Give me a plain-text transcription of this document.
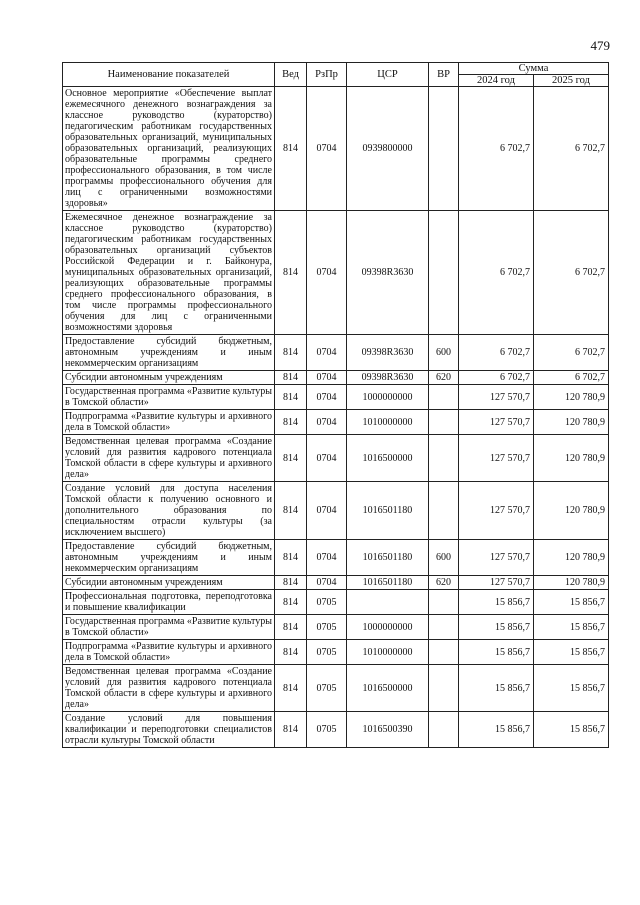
479
Наименование показателей	Вед	РзПр	ЦСР	ВР	Сумма	
					2024 год	2025 год
Основное мероприятие «Обеспечение выплат ежемесячного денежного вознаграждения за классное руководство (кураторство) педагогическим работникам государственных образовательных организаций, муниципальных образовательных организаций, реализующих образовательные программы среднего профессионального образования, в том числе программы профессионального обучения для лиц с ограниченными возможностями здоровья»	814	0704	0939800000		6 702,7	6 702,7
Ежемесячное денежное вознаграждение за классное руководство (кураторство) педагогическим работникам государственных образовательных организаций субъектов Российской Федерации и г. Байконура, муниципальных образовательных организаций, реализующих образовательные программы среднего профессионального образования, в том числе программы профессионального обучения для лиц с ограниченными возможностями здоровья	814	0704	09398R3630		6 702,7	6 702,7
Предоставление субсидий бюджетным, автономным учреждениям и иным некоммерческим организациям	814	0704	09398R3630	600	6 702,7	6 702,7
Субсидии автономным учреждениям	814	0704	09398R3630	620	6 702,7	6 702,7
Государственная программа «Развитие культуры в Томской области»	814	0704	1000000000		127 570,7	120 780,9
Подпрограмма «Развитие культуры и архивного дела в Томской области»	814	0704	1010000000		127 570,7	120 780,9
Ведомственная целевая программа «Создание условий для развития кадрового потенциала Томской области в сфере культуры и архивного дела»	814	0704	1016500000		127 570,7	120 780,9
Создание условий для доступа населения Томской области к получению основного и дополнительного образования по специальностям отрасли культуры (за исключением высшего)	814	0704	1016501180		127 570,7	120 780,9
Предоставление субсидий бюджетным, автономным учреждениям и иным некоммерческим организациям	814	0704	1016501180	600	127 570,7	120 780,9
Субсидии автономным учреждениям	814	0704	1016501180	620	127 570,7	120 780,9
Профессиональная подготовка, переподготовка и повышение квалификации	814	0705			15 856,7	15 856,7
Государственная программа «Развитие культуры в Томской области»	814	0705	1000000000		15 856,7	15 856,7
Подпрограмма «Развитие культуры и архивного дела в Томской области»	814	0705	1010000000		15 856,7	15 856,7
Ведомственная целевая программа «Создание условий для развития кадрового потенциала Томской области в сфере культуры и архивного дела»	814	0705	1016500000		15 856,7	15 856,7
Создание условий для повышения квалификации и переподготовки специалистов отрасли культуры Томской области	814	0705	1016500390		15 856,7	15 856,7
